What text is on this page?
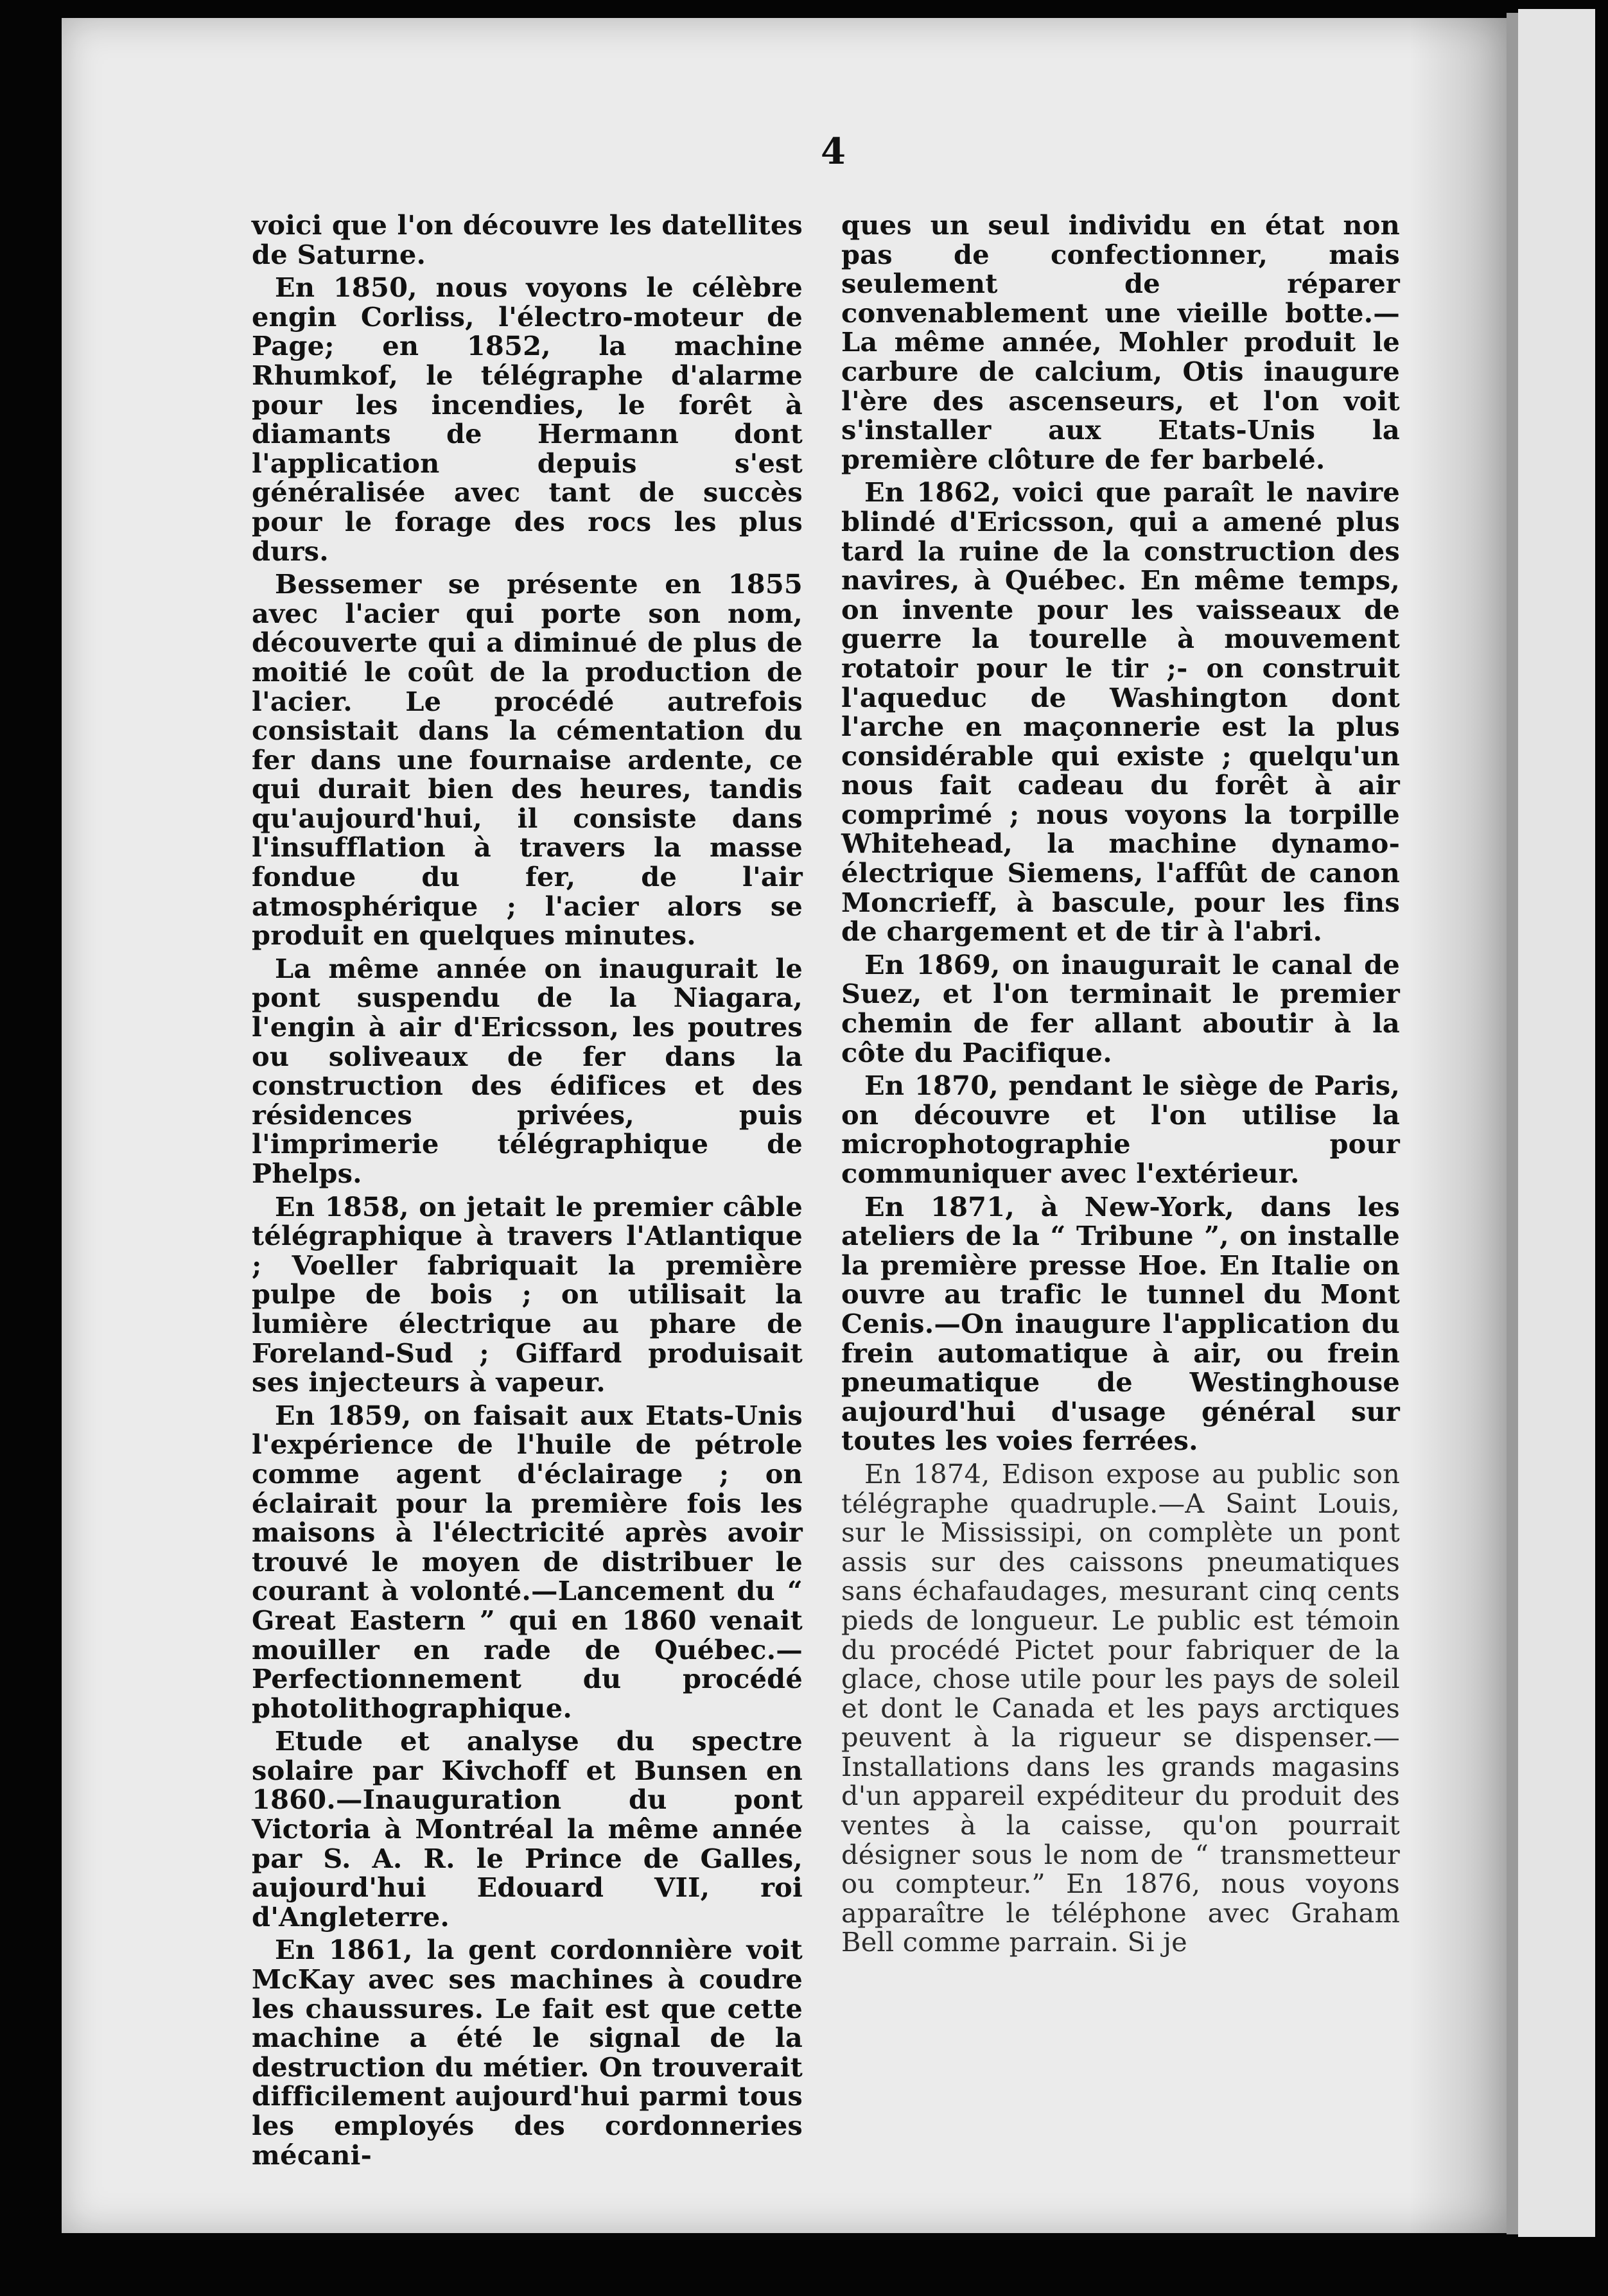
4

voici que l'on découvre les datellites de Saturne.

En 1850, nous voyons le célèbre engin Corliss, l'électro-moteur de Page; en 1852, la machine Rhumkof, le télégraphe d'alarme pour les incendies, le forêt à diamants de Hermann dont l'application depuis s'est généralisée avec tant de succès pour le forage des rocs les plus durs.

Bessemer se présente en 1855 avec l'acier qui porte son nom, découverte qui a diminué de plus de moitié le coût de la production de l'acier. Le procédé autrefois consistait dans la cémentation du fer dans une fournaise ardente, ce qui durait bien des heures, tandis qu'aujourd'hui, il consiste dans l'insufflation à travers la masse fondue du fer, de l'air atmosphérique ; l'acier alors se produit en quelques minutes.

La même année on inaugurait le pont suspendu de la Niagara, l'engin à air d'Ericsson, les poutres ou soliveaux de fer dans la construction des édifices et des résidences privées, puis l'imprimerie télégraphique de Phelps.

En 1858, on jetait le premier câble télégraphique à travers l'Atlantique ; Voeller fabriquait la première pulpe de bois ; on utilisait la lumière électrique au phare de Foreland-Sud ; Giffard produisait ses injecteurs à vapeur.

En 1859, on faisait aux Etats-Unis l'expérience de l'huile de pétrole comme agent d'éclairage ; on éclairait pour la première fois les maisons à l'électricité après avoir trouvé le moyen de distribuer le courant à volonté.—Lancement du “ Great Eastern ” qui en 1860 venait mouiller en rade de Québec.—Perfectionnement du procédé photolithographique.

Etude et analyse du spectre solaire par Kivchoff et Bunsen en 1860.—Inauguration du pont Victoria à Montréal la même année par S. A. R. le Prince de Galles, aujourd'hui Edouard VII, roi d'Angleterre.

En 1861, la gent cordonnière voit McKay avec ses machines à coudre les chaussures. Le fait est que cette machine a été le signal de la destruction du métier. On trouverait difficilement aujourd'hui parmi tous les employés des cordonneries mécani-

ques un seul individu en état non pas de confectionner, mais seulement de réparer convenablement une vieille botte.—La même année, Mohler produit le carbure de calcium, Otis inaugure l'ère des ascenseurs, et l'on voit s'installer aux Etats-Unis la première clôture de fer barbelé.

En 1862, voici que paraît le navire blindé d'Ericsson, qui a amené plus tard la ruine de la construction des navires, à Québec. En même temps, on invente pour les vaisseaux de guerre la tourelle à mouvement rotatoir pour le tir ;- on construit l'aqueduc de Washington dont l'arche en maçonnerie est la plus considérable qui existe ; quelqu'un nous fait cadeau du forêt à air comprimé ; nous voyons la torpille Whitehead, la machine dynamo-électrique Siemens, l'affût de canon Moncrieff, à bascule, pour les fins de chargement et de tir à l'abri.

En 1869, on inaugurait le canal de Suez, et l'on terminait le premier chemin de fer allant aboutir à la côte du Pacifique.

En 1870, pendant le siège de Paris, on découvre et l'on utilise la microphotographie pour communiquer avec l'extérieur.

En 1871, à New-York, dans les ateliers de la “ Tribune ”, on installe la première presse Hoe. En Italie on ouvre au trafic le tunnel du Mont Cenis.—On inaugure l'application du frein automatique à air, ou frein pneumatique de Westinghouse aujourd'hui d'usage général sur toutes les voies ferrées.

En 1874, Edison expose au public son télégraphe quadruple.—A Saint Louis, sur le Mississipi, on complète un pont assis sur des caissons pneumatiques sans échafaudages, mesurant cinq cents pieds de longueur. Le public est témoin du procédé Pictet pour fabriquer de la glace, chose utile pour les pays de soleil et dont le Canada et les pays arctiques peuvent à la rigueur se dispenser.—Installations dans les grands magasins d'un appareil expéditeur du produit des ventes à la caisse, qu'on pourrait désigner sous le nom de “ transmetteur ou compteur.” En 1876, nous voyons apparaître le téléphone avec Graham Bell comme parrain. Si je
